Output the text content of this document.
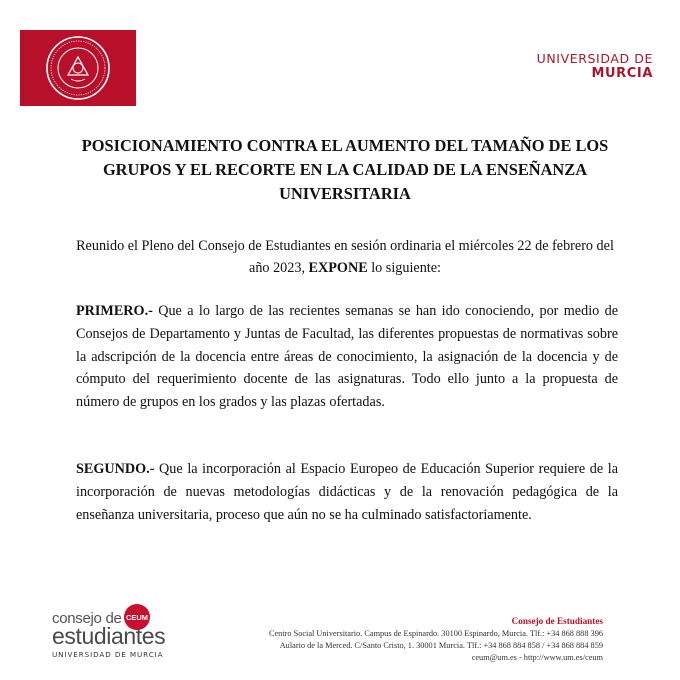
UNIVERSIDAD DE
MURCIA
POSICIONAMIENTO CONTRA EL AUMENTO DEL TAMAÑO DE LOS GRUPOS Y EL RECORTE EN LA CALIDAD DE LA ENSEÑANZA UNIVERSITARIA
Reunido el Pleno del Consejo de Estudiantes en sesión ordinaria el miércoles 22 de febrero del año 2023, EXPONE lo siguiente:
PRIMERO.- Que a lo largo de las recientes semanas se han ido conociendo, por medio de Consejos de Departamento y Juntas de Facultad, las diferentes propuestas de normativas sobre la adscripción de la docencia entre áreas de conocimiento, la asignación de la docencia y de cómputo del requerimiento docente de las asignaturas. Todo ello junto a la propuesta de número de grupos en los grados y las plazas ofertadas.
SEGUNDO.- Que la incorporación al Espacio Europeo de Educación Superior requiere de la incorporación de nuevas metodologías didácticas y de la renovación pedagógica de la enseñanza universitaria, proceso que aún no se ha culminado satisfactoriamente.
consejo de CEUM
estudiantes
UNIVERSIDAD DE MURCIA
Consejo de Estudiantes
Centro Social Universitario. Campus de Espinardo. 30100 Espinardo, Murcia. Tlf.: +34 868 888 396
Aulario de la Merced. C/Santo Cristo, 1. 30001 Murcia. Tlf.: +34 868 884 858 / +34 868 884 859
ceum@um.es - http://www.um.es/ceum
